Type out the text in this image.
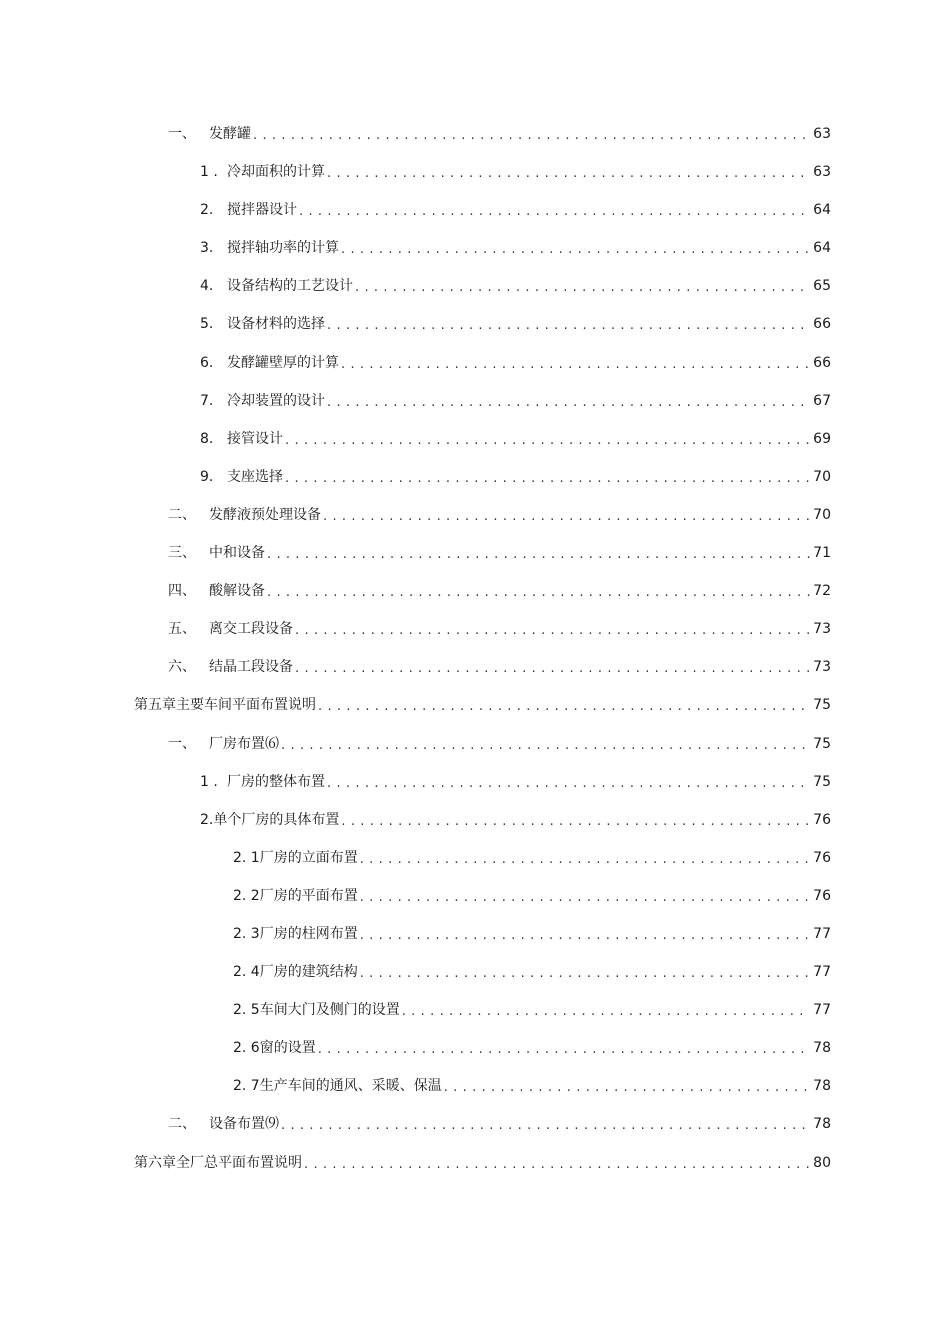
一、 发酵罐 . . .	63
1 . 冷却面积的计算 . . .	63
2. 搅拌器设计 . . .	64
3. 搅拌轴功率的计算 . . .	64
4. 设备结构的工艺设计 . . .	65
5. 设备材料的选择 . . .	66
6. 发酵罐壁厚的计算 . . .	66
7. 冷却装置的设计 . . .	67
8. 接管设计 . . .	69
9. 支座选择 . . .	70
二、 发酵液预处理设备 . . .	70
三、 中和设备 . . .	71
四、 酸解设备 . . .	72
五、 离交工段设备 . . .	73
六、 结晶工段设备 . . .	73
第五章主要车间平面布置说明 . . .	75
一、 厂房布置⑹ . . .	75
1 . 厂房的整体布置 . . .	75
2.单个厂房的具体布置 . . .	76
2. 1厂房的立面布置 . . .	76
2. 2厂房的平面布置 . . .	76
2. 3厂房的柱网布置 . . .	77
2. 4厂房的建筑结构 . . .	77
2. 5车间大门及侧门的设置 . . .	77
2. 6窗的设置 . . .	78
2. 7生产车间的通风、采暖、保温 . . .	78
二、 设备布置⑼ . . .	78
第六章全厂总平面布置说明 . . .	80
